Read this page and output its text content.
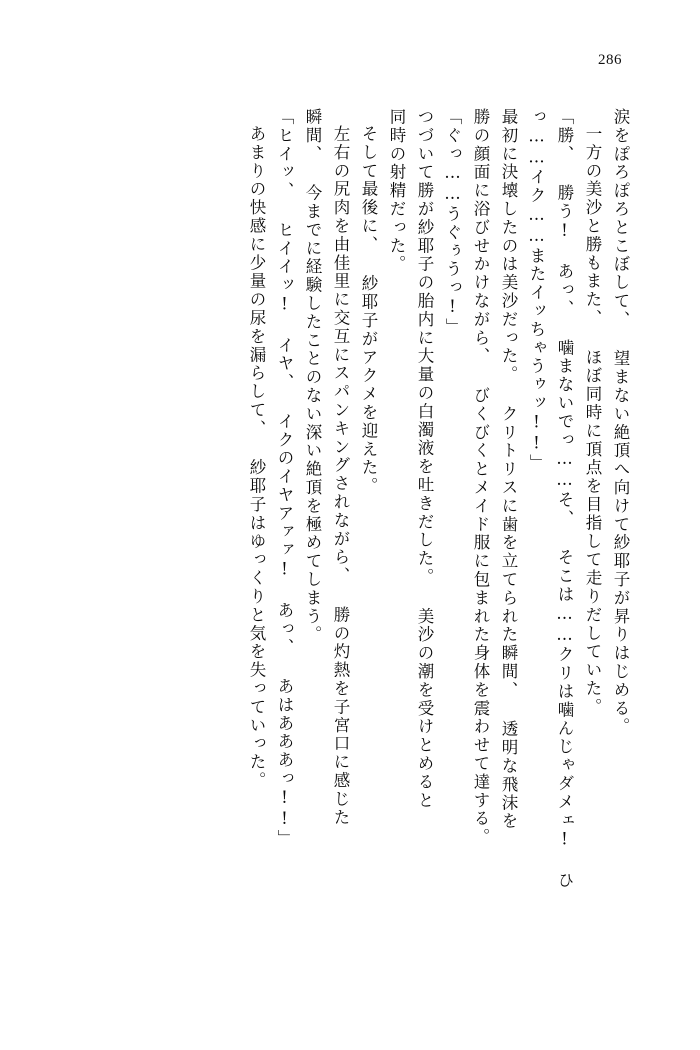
286
涙をぽろぽろとこぼして、 望まない絶頂へ向けて紗耶子が昇りはじめる。
一方の美沙と勝もまた、 ほぼ同時に頂点を目指して走りだしていた。
「勝、 勝う! あっ、 噛まないでっ……そ、 そこは……クリは噛んじゃダメェ! ひ
っ……イク……またイッちゃうゥッ!!」
最初に決壊したのは美沙だった。 クリトリスに歯を立てられた瞬間、 透明な飛沫を
勝の顔面に浴びせかけながら、 びくびくとメイド服に包まれた身体を震わせて達する。
「ぐっ……うぐぅうっ!」
つづいて勝が紗耶子の胎内に大量の白濁液を吐きだした。 美沙の潮を受けとめると
同時の射精だった。
そして最後に、 紗耶子がアクメを迎えた。
左右の尻肉を由佳里に交互にスパンキングされながら、 勝の灼熱を子宮口に感じた
瞬間、 今までに経験したことのない深い絶頂を極めてしまう。
「ヒイッ、 ヒイイッ! イヤ、 イクのイヤアァァ! あっ、 あはあああっ!!」
あまりの快感に少量の尿を漏らして、 紗耶子はゆっくりと気を失っていった。
